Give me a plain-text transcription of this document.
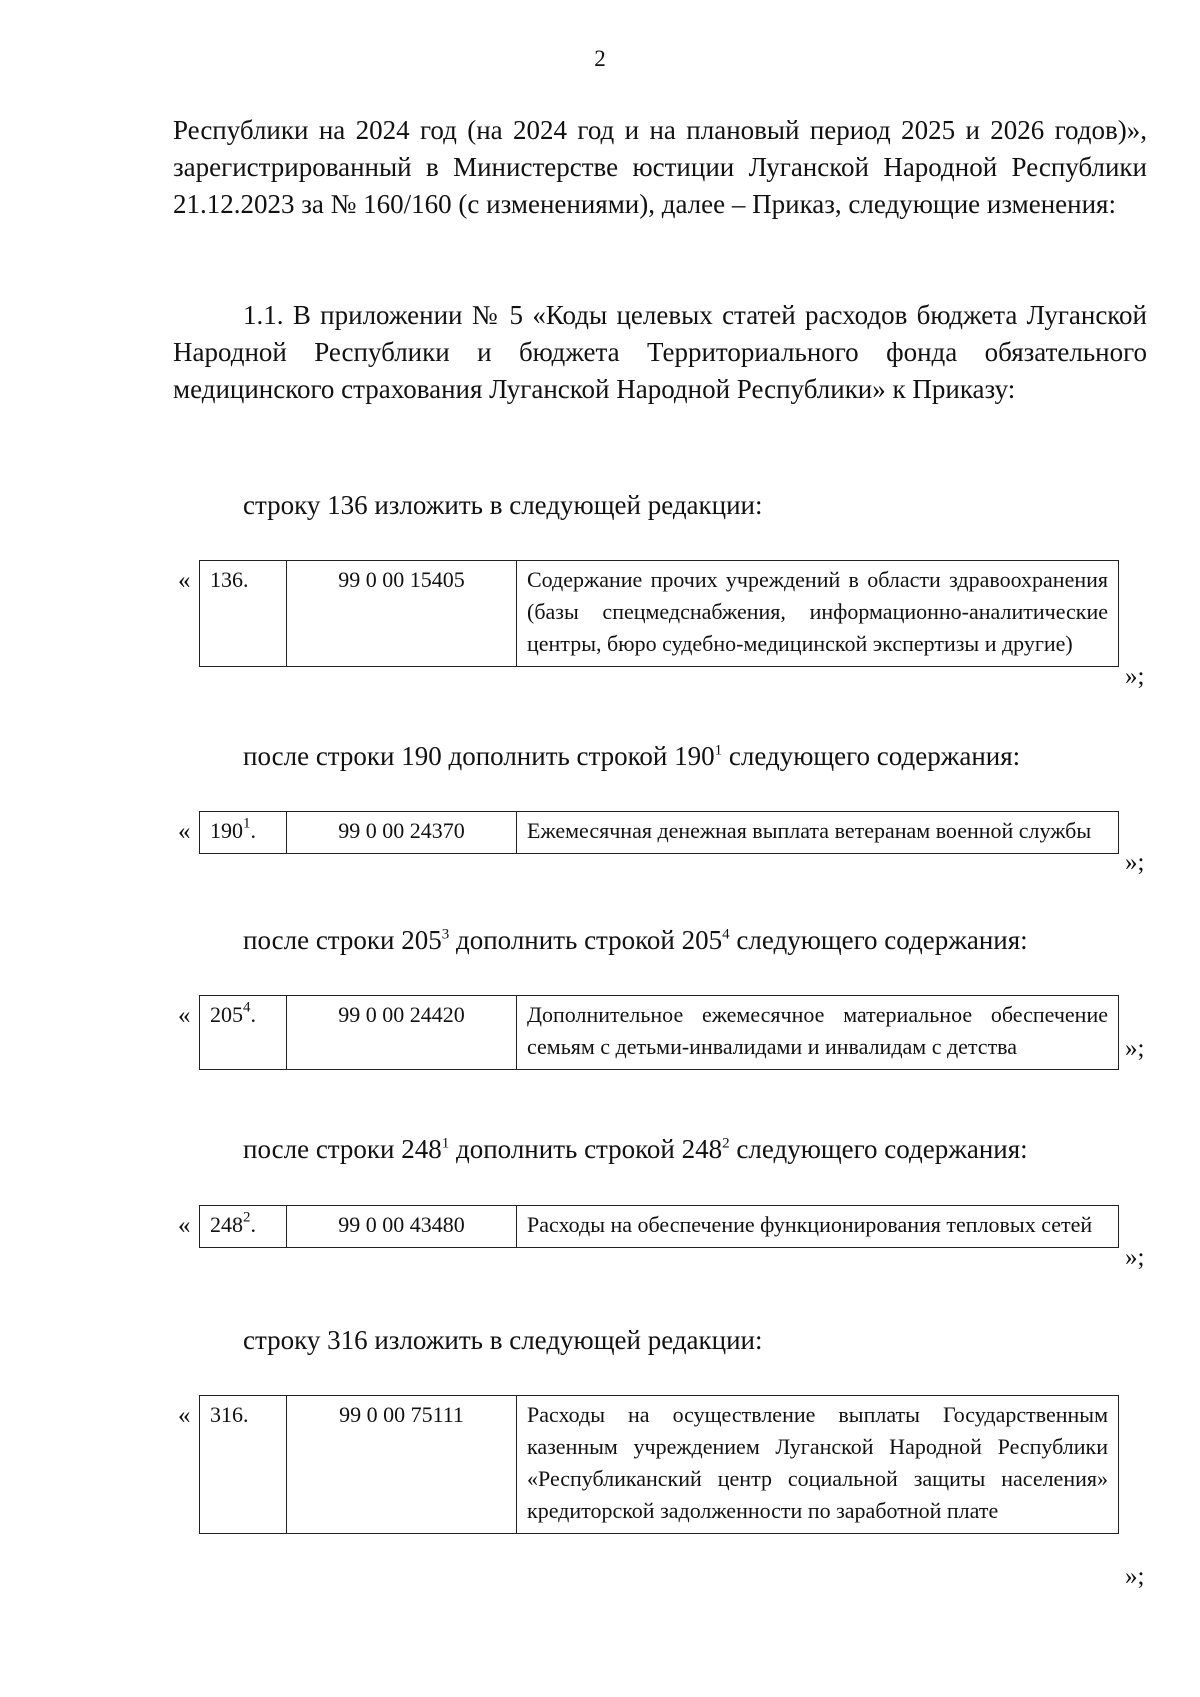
2

Республики на 2024 год (на 2024 год и на плановый период 2025 и 2026 годов)», зарегистрированный в Министерстве юстиции Луганской Народной Республики 21.12.2023 за № 160/160 (с изменениями), далее – Приказ, следующие изменения:

1.1. В приложении № 5 «Коды целевых статей расходов бюджета Луганской Народной Республики и бюджета Территориального фонда обязательного медицинского страхования Луганской Народной Республики» к Приказу:

строку 136 изложить в следующей редакции:
« 136.	99 0 00 15405	Содержание прочих учреждений в области здравоохранения (базы спецмедснабжения, информационно-аналитические центры, бюро судебно-медицинской экспертизы и другие)
»;
после строки 190 дополнить строкой $190^1$ следующего содержания:
« $190^1$.	99 0 00 24370	Ежемесячная денежная выплата ветеранам военной службы
»;
после строки $205^3$ дополнить строкой $205^4$ следующего содержания:
« $205^4$.	99 0 00 24420	Дополнительное ежемесячное материальное обеспечение семьям с детьми-инвалидами и инвалидам с детства	»;
после строки $248^1$ дополнить строкой $248^2$ следующего содержания:
« $248^2$.	99 0 00 43480	Расходы на обеспечение функционирования тепловых сетей
»;
строку 316 изложить в следующей редакции:
« 316.	99 0 00 75111	Расходы на осуществление выплаты Государственным казенным учреждением Луганской Народной Республики «Республиканский центр социальной защиты населения» кредиторской задолженности по заработной плате
»;
